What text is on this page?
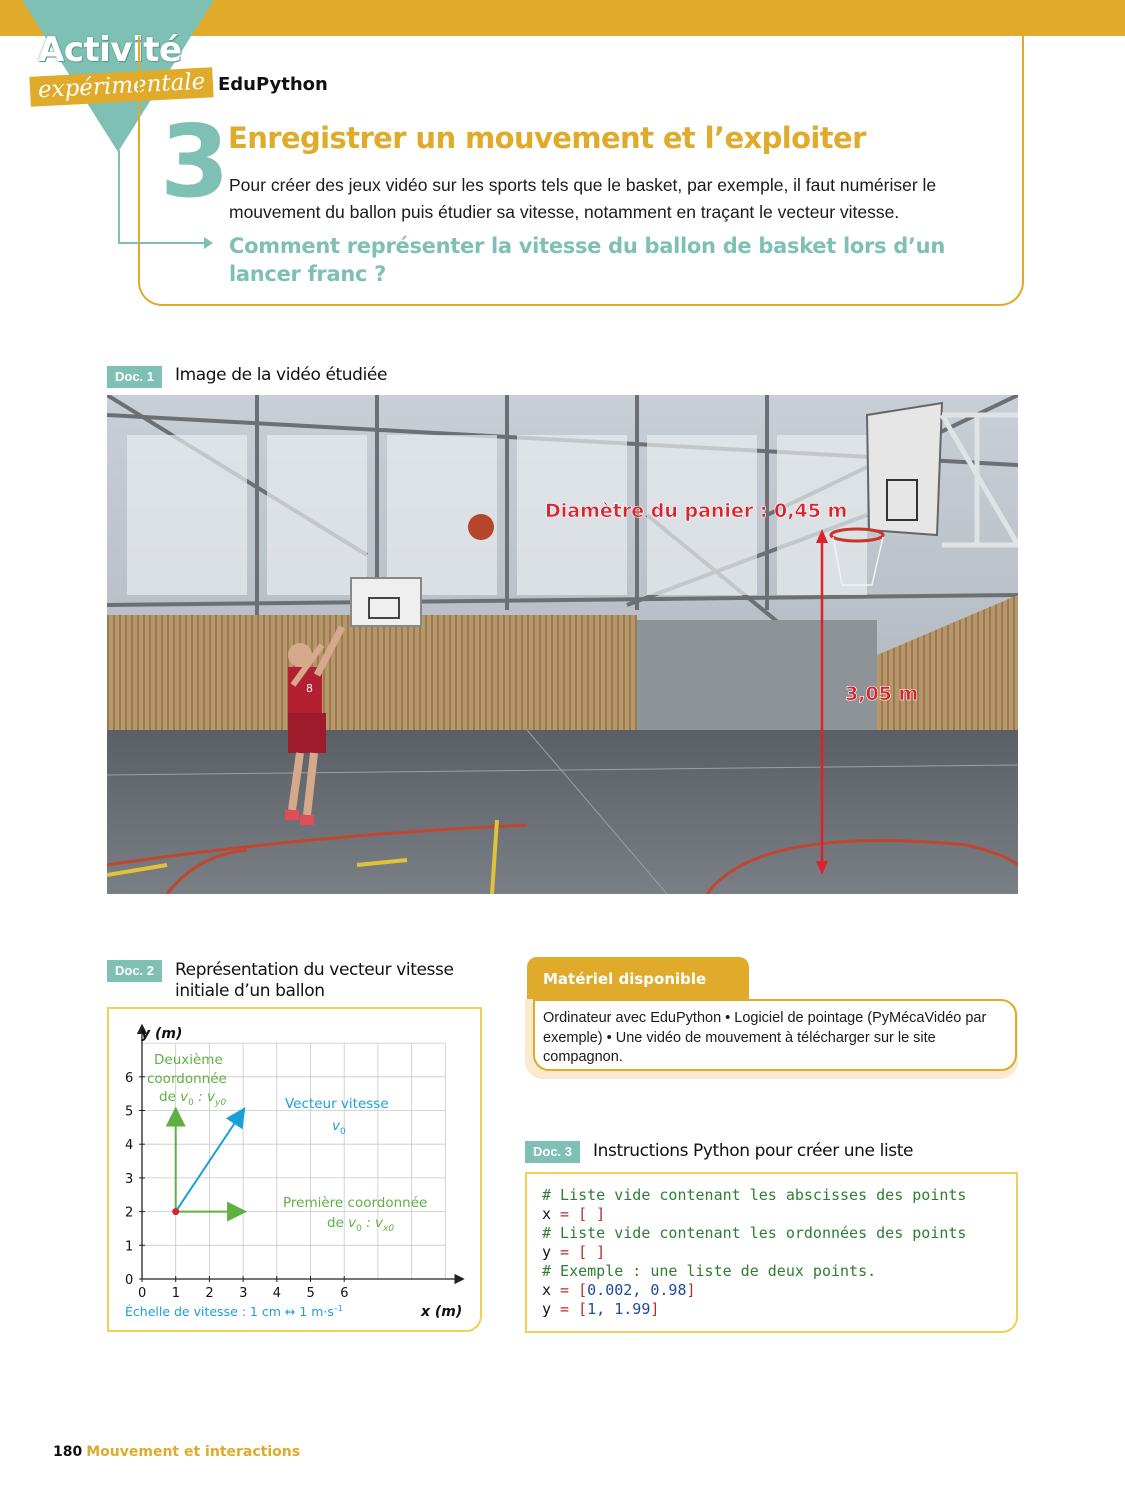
Activité
expérimentale EduPython
3
Enregistrer un mouvement et l’exploiter
Pour créer des jeux vidéo sur les sports tels que le basket, par exemple, il faut numériser le mouvement du ballon puis étudier sa vitesse, notamment en traçant le vecteur vitesse.
Comment représenter la vitesse du ballon de basket lors d’un lancer franc ?
Doc. 1	Image de la vidéo étudiée
8
Diamètre du panier : 0,45 m
3,05 m
Doc. 2	Représentation du vecteur vitesse
initiale d’un ballon
0 1 2 3 4 5 6
0
1
2
3
4
5
6
y (m)
x (m)
Deuxième
coordonnée
de $v_0$ : $v_{y0}$	Vecteur vitesse
$v_0$
Première coordonnée
de $v_0$ : $v_{x0}$
Échelle de vitesse : 1 cm ↔ 1 $m\cdot s^{-1}$
Matériel disponible
Ordinateur avec EduPython • Logiciel de pointage (PyMécaVidéo par exemple) • Une vidéo de mouvement à télécharger sur le site compagnon.
Doc. 3	Instructions Python pour créer une liste
# Liste vide contenant les abscisses des points
x = [ ]
# Liste vide contenant les ordonnées des points
y = [ ]
# Exemple : une liste de deux points.
x = [0.002, 0.98]
y = [1, 1.99]
180 Mouvement et interactions
